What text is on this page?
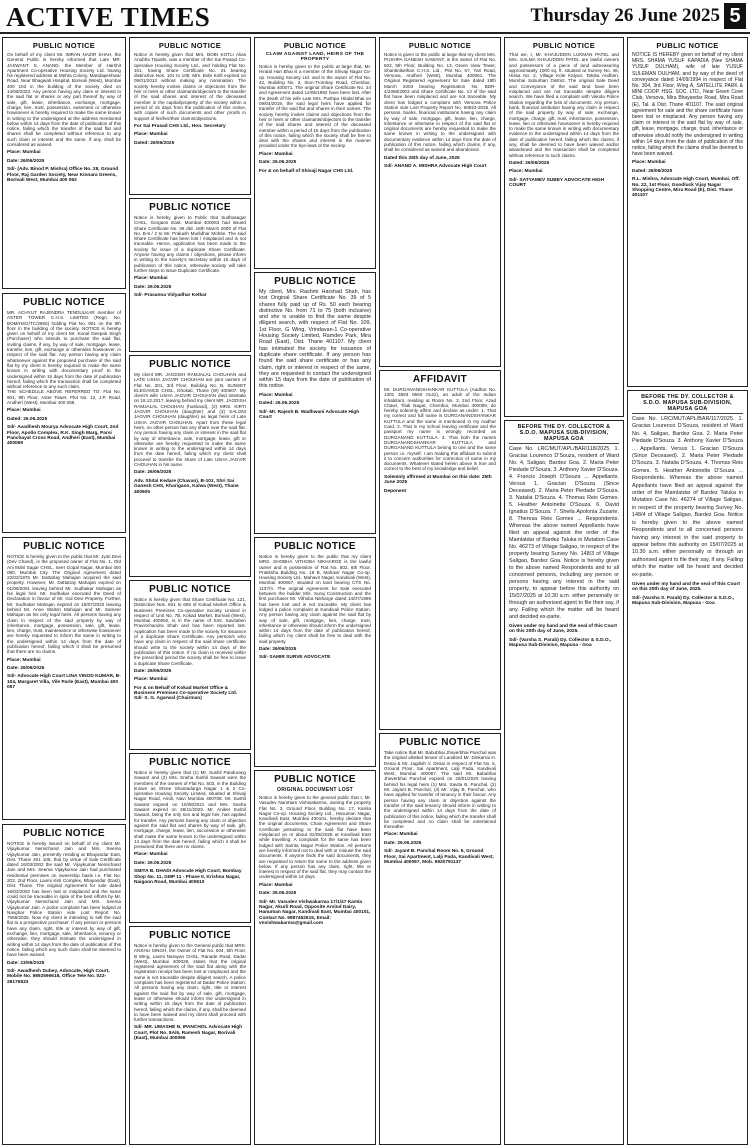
ACTIVE TIMES	Thursday 26 June 2025 5
PUBLIC NOTICE
On behalf of my client Mr. IMRAN NAZIR SHAH, the General Public is hereby informed that Late MR. JASWANT S. ANAND, the Member of Harshit Apartment Co-operative Housing Society Ltd. having his registered address at Mehta Colony, Mandapeshwar Road, Near Bhagwati Hospital, Borivali (West), Mumbai 400 103 in the building of the society died on 14/08/2023. Any person having any claim or interest in the said flat or shares or any part thereof by way of sale, gift, lease, inheritance, exchange, mortgage, charge, lien, trust, possession, easement or otherwise howsoever is hereby required to make the same known in writing to the undersigned at the address mentioned below within 14 days from the date of publication of this notice, failing which the transfer of the said flat and shares shall be completed without reference to any such claim or interest and the same, if any, shall be considered as waived.
Place: Mumbai
Date: 26/06/2025
Sd/- (Adv. Binod P. Mishra) Office No. 28, Ground Floor, Raj Garden Society, Near Kinnara Greens, Borivali West, Mumbai 400 092
PUBLIC NOTICE
MR. ACHYUT RAJENDRA TENDULKAR member of ASTER TOWER C.H.S. LIMITED (Regn. No. BOM/HSG/TC/2850) holding Flat No. 901 on the 9th floor in the building of the society. NOTICE is hereby given on behalf of my client Mr. Kunal Deepak Singh (Purchaser) who intends to purchase the said flat, inviting claims, if any, by way of sale, mortgage, lease, transfer, lien, gift, exchange or otherwise howsoever, in respect of the said flat. Any person having any claim whatsoever against the proposed purchase of the said flat by my client is hereby required to make the same known in writing with documentary proof to the undersigned within 15 days from the date of publication hereof, failing which the transaction shall be completed without reference to any such claim.
THE SCHEDULE ABOVE REFERRED TO: Flat No. 901, 9th Floor, Aster Tower, Plot No. 12, J.P. Road, Andheri (West), Mumbai 400 058.
Place: Mumbai
Dated: 26.06.2025
Sd/- Avadhesh Mourya Advocate High Court, 2nd Floor, Apollo Complex, R.K. Singh Marg, Parsi Panchayat Cross Road, Andheri (East), Mumbai 400069
PUBLIC NOTICE
NOTICE is hereby given to the public that Mr. Jyoti Devi (Dev Chand), is the proposed owner of Flat No. 1, Old Ani Mahl Sagar CHSL, Seer Gopal Nagar, Mumbai 400 080, Mumbai City. The Original Agreement dated 22/02/1976 Mr. Dattatray Mahajan acquired the said property. However, Mr. Dattatray Mahajan expired on 01/08/2001 leaving behind Mr. Sudhakar Mahajan as his legal heir. Mr. Sudhakar executed the Deed of Declaration in favour of Mr. Gul Devi Property. Further, Mr. Sudhakar Mahajan expired on 18/07/2022 leaving behind Mr. Anne Walton Mahajan and Mr. Sameer Mahajan as his only legal heirs. All persons having any claim in respect of the said property by way of inheritance, mortgage, possession, sale, gift, lease, lien, charge, trust, maintenance or otherwise howsoever are hereby requested to inform the same in writing to the undersigned within 14 days from the date of publication hereof, failing which it shall be presumed that there are no claims.
Place: Mumbai
Date: 26/06/2025
Sd/- Advocate High Court LINA VINOD KUMAR, B-104, Margaret Villa, Vile Parle (East), Mumbai 400 057
PUBLIC NOTICE
NOTICE is hereby issued on behalf of my client Mr. Vijaykumar Nemichand Jain and Mrs. Seema Vijaykumar Jain, presently residing at Bhayandar East, Dist. Thane 401 105, that by virtue of Sale Certificate dated 16/03/2002 the said Mr. Vijaykumar Nemichand Jain and Mrs. Seema Vijaykumar Jain had purchased residential premises on ownership basis i.e. Flat No. 203, 2nd Floor, Laxmi Kirti Complex, Bhayandar (East), Dist. Thane. The original Agreement for sale dated 16/02/2002 has been lost or misplaced and the same could not be traceable in spite of the best efforts by Mr. Vijaykumar Nemichand Jain and Mrs. Seema Vijaykumar Jain. A police complaint has been lodged at Navghar Police Station vide Lost Report No. 7568/2025. Now my client is intending to sell the said flat to a prospective purchaser. If any person or persons have any claim, right, title or interest by way of gift, exchange, lien, mortgage, sale, inheritance, tenancy or otherwise, they should intimate the undersigned in writing within 14 days from the date of publication of this notice, failing which any such claim shall be deemed to have been waived.
Date: 23/06/2025
Sd/- Awadhesh Dubey, Advocate, High Court, Mobile No. 9892596618, Office Tele No. 022-28176833
PUBLIC NOTICE
Notice is hereby given that Mrs. BOBI KOTLI Alias Anubha Tripathi, was a member of the Sai Prasad Co-operative Housing Society Ltd., and holding Flat No. 101, having Share Certificate No. 21 bearing distinctive Nos. 101 to 105. Mrs. Bobi Kotli expired on 09/01/2013 without making any nomination. The society hereby invites claims or objections from the heir or heirs or other claimants/objectors to the transfer of the said shares and interest of the deceased member in the capital/property of the society within a period of 15 days from the publication of this notice, with copies of such documents and other proofs in support of his/her/their claims/objections.
For Sai Prasad CHS Ltd., Hon. Secretary
Place: Mumbai
Dated: 26/06/2025
PUBLIC NOTICE
Notice is hereby given to Public that Sudhasagar CHSL, Gorgaon East, Mumbai 400063 had issued Share Certificate No. 06 dtd. 18th March 2000 of Flat No. B-8 / 2 to Mr. Prakash Murlidhar Mohite. The said Share Certificate has been lost / misplaced and is not traceable. Hence, application has been made to the society for issue of a duplicate Share Certificate. Anyone having any claims / objections, please inform in writing to the society's secretary within 15 days of publication of this notice, otherwise society will take further steps to issue Duplicate Certificate.
Place: Mumbai
Date: 26.06.2025
Sd/- Prasanna Vidyadhar Ketkar
PUBLIC NOTICE
My client MR. JAGDISH RAMJALAL CHOUHAN and LATE USHA JAGVIR CHOUHAN are joint owners of Flat No. 201, 3rd Floor, Building No. B, SUNSET ELEGANCE CHSL, Dhokali, Thane (W) 400607. My client's wife USHA JAGVIR CHOUHAN died intestate on 18.12.2017, leaving behind my client MR. JAGDISH RAMJALAL CHOUHAN (husband), (2) MRS. KIRTI JAGVIR CHOUHAN (daughter) and (3) SALONI JAGVIR CHOUHAN (daughter) as legal heirs of Late USHA JAGVIR CHOUHAN. Apart from these legal heirs, no other person has any share over the said flat. Any person having any claim or interest in the said flat by way of inheritance, sale, mortgage, lease, gift or otherwise are hereby requested to make the same known in writing to the undersigned within 14 days from the date hereof, failing which my client shall proceed to transfer the share of Late USHA JAGVIR CHOUHAN in his name.
Date: 26/06/2025
Adv. Shital Kedare (Chavan), B-101, Shri Sai Ganesh CHS, Kharigaon, Kalwa (West), Thane 400605
PUBLIC NOTICE
Notice is hereby given that Share Certificate No. 121, Distinctive Nos. 601 to 605 of Kokad Market Office & Business Premises Co-operative Society Limited in respect of Unit No. 7B, Kokad Market, Borivali (West), Mumbai 400092, is in the name of Smt. Savitaben Pravinchandra Shah and has been reported lost. Application has been made to the society for issuance of a duplicate Share Certificate. Any person/s who have any claim in respect of the said share certificate should write to the society within 14 days of the publication of this notice. If no claim is received within the prescribed period the society shall be free to issue a duplicate Share Certificate.
Date: 26/06/2025
Place: Mumbai
For & on Behalf of Kokad Market Office & Business Premises Co-operative Society Ltd. Sd/- S. G. Agarwal (Chairman)
PUBLIC NOTICE
Notice is hereby given that (1) Mr. Sushil Pandurang Sawant and (2) Mrs. Sneha Sushil Sawant were the members of the owners of Flat No. 603, in the Building known as Shree Shantadurga Nagar 1 & 2 Co-operative Housing Society Limited, situated at Shivaji Nagar Road, Airoli, Navi Mumbai 400708. Mr. Sushil Sawant expired on 10/08/2021 and Mrs. Sneha Sawant expired on 28/11/2023. Mr. Aniket Sushil Sawant, being the only son and legal heir, has applied for transfer. Any persons having any claim or objection against the said flat and shares by way of sale, gift, mortgage, charge, lease, lien, succession or otherwise shall make the same known to the undersigned within 14 days from the date hereof, failing which it shall be presumed that there are no claims.
Place: Mumbai
Date: 26.06.2025
SMITA B. DHADI Advocate High Court, Bombay Shop No. 11, GMP 11 - Phase II, Krishna Nagar, Naigaon Road, Mumbai 400610
PUBLIC NOTICE
Notice is hereby given to the General public that MRS. ANSHU SINGH, the Owner of Flat No. 604, 6th Floor, B Wing, Laxmi Narayan CHSL, Ranade Road, Dadar (West), Mumbai 400028, states that the original registered agreement of the said flat along with the registration receipt has been lost or misplaced and the same is not traceable despite diligent search. A police complaint has been registered at Dadar Police Station. All persons having any claim, right, title or interest against the said flat by way of sale, gift, mortgage, lease or otherwise should inform the undersigned in writing within 15 days from the date of publication hereof, failing which the claims, if any, shall be deemed to have been waived and my client shall proceed with further transactions.
Sd/- MR. UMASHE N. IPANCHOL Advocate High Court, Plot No. 8A/6, Ramesh Nagar, Borivali (East), Mumbai 400066
PUBLIC NOTICE
CLAIM AGAINST LAND, HEIRS OF THE PROPERTY
Notice is hereby given to the public at large that, Mr. Hiralal Hari Bhai is a member of the Shivaji Nagar Co-op. Housing Society Ltd. and is the owner of Flat No. 42, Building No. 3, Sion-Trombay Road, Chembur, Mumbai 400071. The original Share Certificate No. 24 and Agreement dated 12/05/1992 have been lost. After the death of his wife Late Mrs. Pushpa Hiralal Bhai on 09/04/2019, the said legal heirs have applied for transfer of the said flat and shares in their names. The society hereby invites claims and objections from the heir or heirs or other claimants/objectors to the transfer of the said shares and interest of the deceased member within a period of 15 days from the publication of this notice, failing which the society shall be free to deal with the shares and interest in the manner provided under the bye-laws of the society.
Place: Mumbai
Date: 26.06.2025
For & on behalf of Shivaji Nagar CHS Ltd.
PUBLIC NOTICE
My client, Mrs. Rashmi Harshad Shah, has lost Original Share Certificate No. 39 of 5 shares fully paid up of Rs. 50 each bearing distinctive No. from 71 to 75 (both inclusive) and she is unable to find the same despite diligent search, with respect of Flat No. 109, 1st Floor, G Wing, Vrindavan-1 Co-operative Housing Society Limited, Ramdev Park, Mira Road (East), Dist. Thane 401107. My client has intimated the society for issuance of duplicate share certificate. If any person has found the said share certificate or has any claim, right or interest in respect of the same, they are requested to contact the undersigned within 15 days from the date of publication of this notice.
Place: Mumbai
Dated: 26.06.2025
Sd/- Mr. Rajesh B. Wadhwani Advocate High Court
PUBLIC NOTICE
Notice is hereby given to the public that my client MRS. SHOBHA VITHOBA NIKHARGE is the lawful owner and in possession of Flat No. 602, 6th Floor, Pratiksha Building No. 18 B, Mahavir Nagar Co-op. Housing Society Ltd., Mahavir Nagar, Kandivali (West), Mumbai 400067, situated on land bearing CTS No. 1137/A. The original Agreement for Sale executed between the builder M/s. Suraj Construction and the first purchaser Mr. Vithoba Nikharge dated 14/07/1996 has been lost and is not traceable. My client has lodged a police complaint at Kandivali Police Station. Any person having any claim against the said flat by way of sale, gift, mortgage, lien, charge, trust, inheritance or otherwise should inform the undersigned within 14 days from the date of publication hereof, failing which my client shall be free to deal with the said property.
Date: 26/06/2025
Sd/- SAMIR SURVE ADVOCATE
PUBLIC NOTICE
ORIGINAL DOCUMENT LOST
Notice is hereby given to the general public that I, Mr. Vasudev Narottam Vishwakarma, owning the property Flat No. 3, Ground Floor, Building No. 17, Kamla Nagar Co-op. Housing Society Ltd., Hanuman Nagar, Kandivali East, Mumbai 400101, hereby declare that the original documents, Chain Agreement and Share Certificate pertaining to the said flat have been misplaced on or about 02/05/2025 at Kandivali East while travelling. A complaint for the same has been lodged with Samta Nagar Police Station. All persons are hereby informed not to deal with or misuse the said documents. If anyone finds the said documents, they are requested to return the same to the address given below. If any person has any claim, right, title or interest in respect of the said flat, they may contact the undersigned within 14 days.
Place: Mumbai
Date: 26.06.2025
Sd/- Mr. Vasudev Vishwakarma 17/1/47 Kamla Nagar, Akurli Road, Opposite Arvind Dairy, Hanuman Nagar, Kandivali East, Mumbai 400101, Contact No. 9987462615, Email: vnvishwakarma@gmail.com
PUBLIC NOTICE
Notice is given to the public at large that my client Mrs. PUSHPA GANESH SAWANT, is the owner of Flat No. 502, 5th Floor, Building No. 13, Green View Tower, Shantinikethan C.H.S. Ltd., Plot No. 67, Yari Road, Versova, Andheri (West), Mumbai 400061. The Original Registered Agreement for Sale dated 18th March 2003 bearing Registration No. BDR-4/2368/2003 and Share Certificate No. 13 of the said flat have been misplaced and are not traceable. My client has lodged a complaint with Versova Police Station vide Lost Property Report No. 60923-2025. All persons, banks, financial institutions having any claim by way of sale, mortgage, gift, lease, lien, charge, inheritance or otherwise in respect of the said flat or original documents are hereby requested to make the same known in writing to the undersigned with documentary evidence within 14 days from the date of publication of this notice, failing which claims, if any, shall be considered as waived and abandoned.
Dated this 26th day of June, 2025
Sd/- ANAND A. MISHRA Advocate High Court
AFFIDAVIT
Mr. DURGANANDSHANKAR KUTTULA (Aadhar No. 1301 3693 9560 0141), an adult of the Indian inhabitant, residing at Room No. 3, 2nd Floor, Azad Chawl, Tilak Nagar, Chembur, Mumbai 400089, do hereby solemnly affirm and declare as under: 1. That my correct and full name is DURGANANDSHANKAR KUTTULA and the same is mentioned in my Aadhar Card. 2. That in my school leaving certificate and the passport my name is wrongly recorded as DURGANAND KUTTULA. 3. That both the names DURGANANDSHANKAR KUTTULA and DURGANAND KUTTULA belong to one and the same person i.e. myself. I am making this affidavit to submit it to concern authorities for correction of name in my documents. Whatever stated herein above is true and correct to the best of my knowledge and belief.
Solemnly affirmed at Mumbai on this date: 25th June 2025
Deponent
PUBLIC NOTICE
Take notice that Mr. Babubhai Jhaverbhai Panchal was the original allotted tenant of Landlord Mr. Dinkarrai H. Desai & Mr. Jagdish V. Desai in respect of Flat No. 5, Ground Floor, Sai Apartment, Lalji Pada, Kandivali West, Mumbai 400067. The said Mr. Babubhai Jhaverbhai Panchal expired on 25/01/2020 leaving behind his legal heirs (1) Mrs. Savita B. Panchal, (2) Mr. Jayant B. Panchal, (3) Mr. Vijay B. Panchal, who have applied for transfer of tenancy in their favour. Any person having any claim or objection against the transfer of the said tenancy should inform in writing to the undersigned within 14 days from the date of publication of this notice, failing which the transfer shall be completed and no claim shall be entertained thereafter.
Place: Mumbai
Date: 26.06.2025
Sd/- Jayant B. Panchal Room No. 5, Ground Floor, Sai Apartment, Lalji Pada, Kandivali West, Mumbai 400067, Mob. 9820791137
PUBLIC NOTICE
That we, I, Mr. KHAJUDDIN LUKMAN PATEL and Mrs. SALMA KHAJUDDIN PATEL are lawful owners and possessors of a piece of land admeasuring approximately 1000 sq. ft. situated at Survey No. 46, Hissa No. 2, Village Kole Kalyan, Taluka Andheri, Mumbai Suburban District. The original Sale Deed and Conveyance of the said land have been misplaced and are not traceable despite diligent search. We have filed a complaint with Vakola Police Station regarding the loss of documents. Any person, bank, financial institution having any claim in respect of the said property by way of sale, exchange, mortgage, charge, gift, trust, inheritance, possession, lease, lien or otherwise howsoever is hereby required to make the same known in writing with documentary evidence to the undersigned within 14 days from the date of publication hereof, failing which the claims, if any, shall be deemed to have been waived and/or abandoned and the transaction shall be completed without reference to such claims.
Dated: 26/06/2025
Place: Mumbai
Sd/- SATYAMEV SUBEY ADVOCATE HIGH COURT
BEFORE THE DY. COLLECTOR & S.D.O. MAPUSA SUB-DIVISION, MAPUSA GOA
Case No. LRC/MUT/APL/BAR/118/2025. 1. Gracias Lourenco D'Souza, resident of Ward No. 4, Saligao, Bardez Goa. 2. Maria Peter Piedade D'Souza. 3. Anthony Xavier D'Souza. 4. Francis Joseph D'Souza ... Appellants. Versus 1. Gracian D'Souza (Since Deceased). 2. Maria Peter Piedade D'Souza. 3. Natalia D'Souza. 4. Thomas Reis Gomes. 5. Heather Antoinette D'Souza. 6. David Ignatius D'Souza. 7. Sheila Apolonia Zuzarte. 8. Theresa Reis Gomes ... Respondents. Whereas the above named Appellants have filed an appeal against the order of the Mamlatdar of Bardez Taluka in Mutation Case No. 46273 of Village Saligao, in respect of the property bearing Survey No. 148/3 of Village Saligao, Bardez Goa. Notice is hereby given to the above named Respondents and to all concerned persons, including any person or persons having any interest in the said property, to appear before this authority on 15/07/2025 at 10.30 a.m. either personally or through an authorised agent to file their say, if any. Failing which the matter will be heard and decided ex-parte.
Given under my hand and the seal of this Court on this 20th day of June, 2025.
Sd/- (Varsha S. Parab) Dy. Collector & S.D.O., Mapusa Sub-Division, Mapusa - Goa
PUBLIC NOTICE
NOTICE IS HEREBY given on behalf of my client MRS. SHAMA YUSUF KAPADIA (Nee SHAMA YUSUF DULHAM), wife of late YUSUF SULEMAN DULHAM, and by way of the deed of conveyance dated 14/09/1994 in respect of Flat No. 304, 3rd Floor, Wing A, SATELLITE PARK & MINI COOP. HSG. SOC. LTD., Near Green Cove Club, Versova, Mira Bhayandar Road, Mira Road (E), Tal. & Dist. Thane 401107. The said original agreement for sale and the share certificate have been lost or misplaced. Any person having any claim or interest in the said flat by way of sale, gift, lease, mortgage, charge, trust, inheritance or otherwise should notify the undersigned in writing within 14 days from the date of publication of this notice, failing which the claims shall be deemed to have been waived.
Place: Mumbai
Dated: 26/06/2025
R.L. Mishra, Advocate High Court, Mumbai, Off. No. 22, 1st Floor, Goodluck Vijay Nagar Shopping Centre, Mira Road (E), Dist. Thane 401107
BEFORE THE DY. COLLECTOR & S.D.O. MAPUSA SUB-DIVISION, MAPUSA GOA
Case No. LRC/MUT/APL/BAR/117/2025. 1. Gracias Lourenco D'Souza, resident of Ward No. 4, Saligao, Bardez Goa. 2. Maria Peter Piedade D'Souza. 3. Anthony Xavier D'Souza ... Appellants. Versus 1. Gracian D'Souza (Since Deceased). 2. Maria Peter Piedade D'Souza. 3. Natalia D'Souza. 4. Thomas Reis Gomes. 5. Heather Antoinette D'Souza ... Respondents. Whereas the above named Appellants have filed an appeal against the order of the Mamlatdar of Bardez Taluka in Mutation Case No. 46274 of Village Saligao, in respect of the property bearing Survey No. 148/4 of Village Saligao, Bardez Goa. Notice is hereby given to the above named Respondents and to all concerned persons having any interest in the said property to appear before this authority on 15/07/2025 at 10.30 a.m. either personally or through an authorised agent to file their say, if any. Failing which the matter will be heard and decided ex-parte.
Given under my hand and the seal of this Court on this 20th day of June, 2025.
Sd/- (Varsha S. Parab) Dy. Collector & S.D.O., Mapusa Sub-Division, Mapusa - Goa
